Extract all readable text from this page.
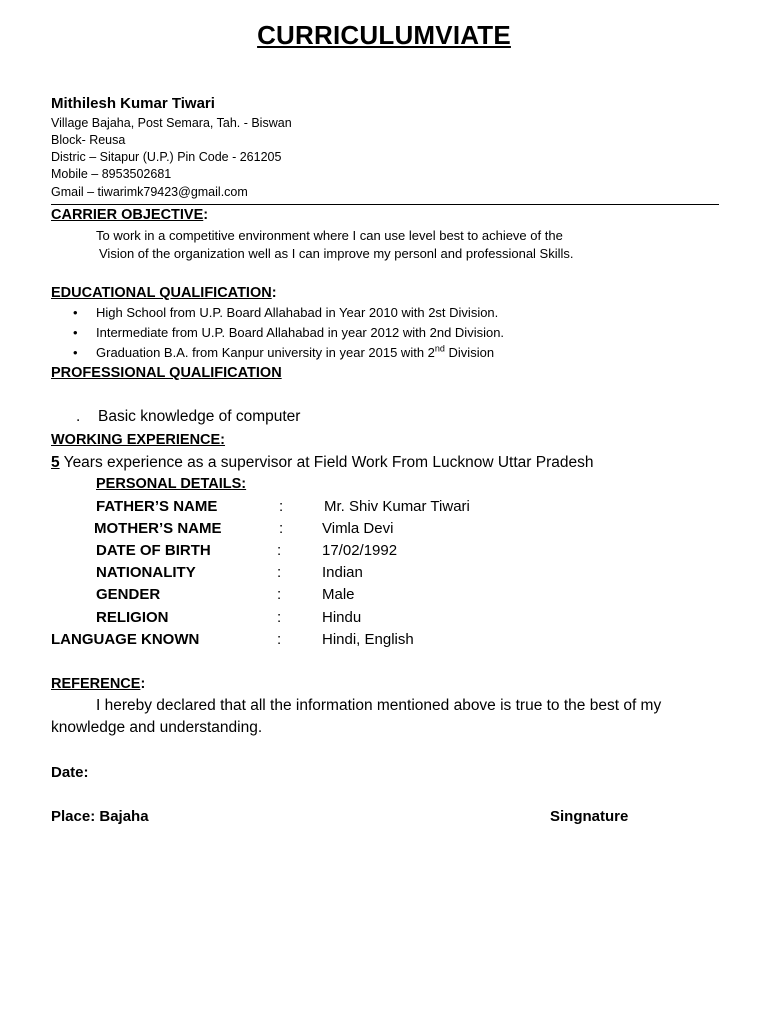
CURRICULUMVIATE
Mithilesh Kumar Tiwari
Village Bajaha, Post Semara, Tah. - Biswan
Block- Reusa
Distric – Sitapur (U.P.) Pin Code - 261205
Mobile – 8953502681
Gmail – tiwarimk79423@gmail.com
CARRIER OBJECTIVE:
To work in a competitive environment where I can use level best to achieve of the
Vision of the organization well as I can improve my personl and professional Skills.
EDUCATIONAL QUALIFICATION:
• High School from U.P. Board Allahabad in Year 2010 with 2st Division.
• Intermediate from U.P. Board Allahabad in year 2012 with 2nd Division.
• Graduation B.A. from Kanpur university in year 2015 with 2nd Division
PROFESSIONAL QUALIFICATION
. Basic knowledge of computer
WORKING EXPERIENCE:
5 Years experience as a supervisor at Field Work From Lucknow Uttar Pradesh
PERSONAL DETAILS:
FATHER’S NAME	:	Mr. Shiv Kumar Tiwari
MOTHER’S NAME	:	Vimla Devi
DATE OF BIRTH	:	17/02/1992
NATIONALITY	:	Indian
GENDER	:	Male
RELIGION	:	Hindu
LANGUAGE KNOWN	:	Hindi, English
REFERENCE:
I hereby declared that all the information mentioned above is true to the best of my
knowledge and understanding.
Date:
Place: Bajaha	Singnature
